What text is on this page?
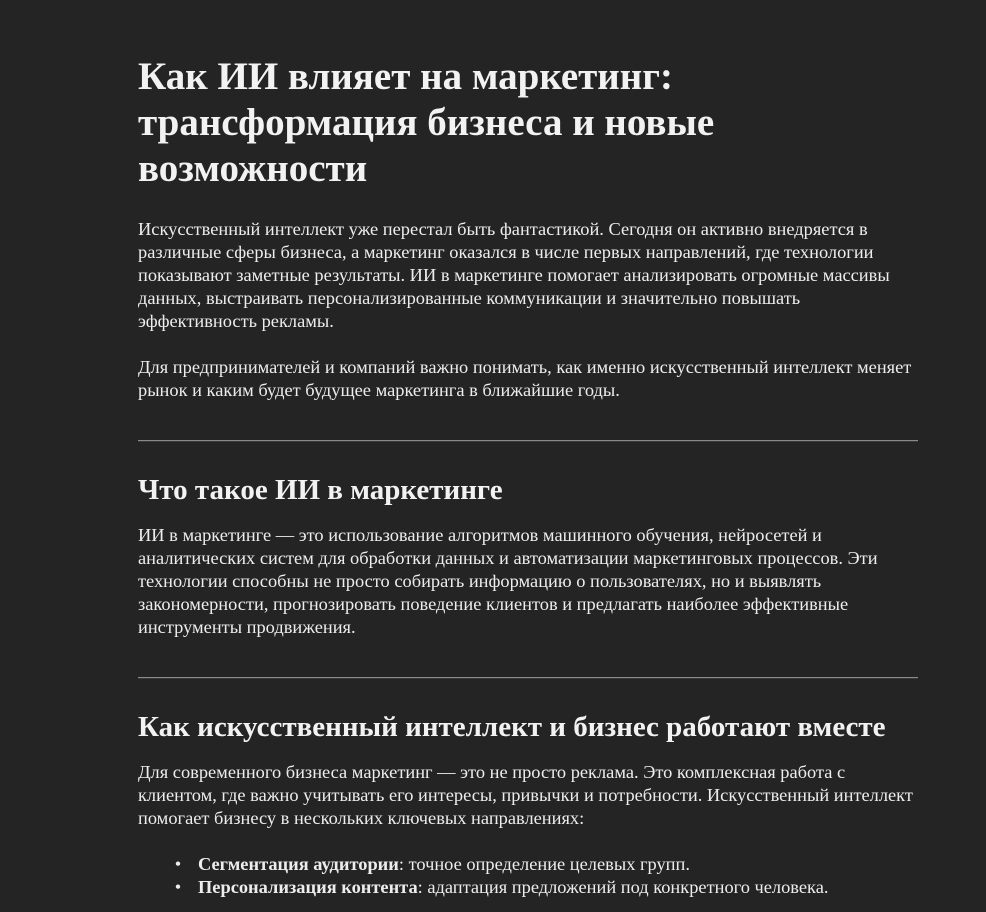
Как ИИ влияет на маркетинг: трансформация бизнеса и новые возможности

Искусственный интеллект уже перестал быть фантастикой. Сегодня он активно внедряется в различные сферы бизнеса, а маркетинг оказался в числе первых направлений, где технологии показывают заметные результаты. ИИ в маркетинге помогает анализировать огромные массивы данных, выстраивать персонализированные коммуникации и значительно повышать эффективность рекламы.

Для предпринимателей и компаний важно понимать, как именно искусственный интеллект меняет рынок и каким будет будущее маркетинга в ближайшие годы.

Что такое ИИ в маркетинге

ИИ в маркетинге — это использование алгоритмов машинного обучения, нейросетей и аналитических систем для обработки данных и автоматизации маркетинговых процессов. Эти технологии способны не просто собирать информацию о пользователях, но и выявлять закономерности, прогнозировать поведение клиентов и предлагать наиболее эффективные инструменты продвижения.

Как искусственный интеллект и бизнес работают вместе

Для современного бизнеса маркетинг — это не просто реклама. Это комплексная работа с клиентом, где важно учитывать его интересы, привычки и потребности. Искусственный интеллект помогает бизнесу в нескольких ключевых направлениях:

• Сегментация аудитории: точное определение целевых групп.
• Персонализация контента: адаптация предложений под конкретного человека.
